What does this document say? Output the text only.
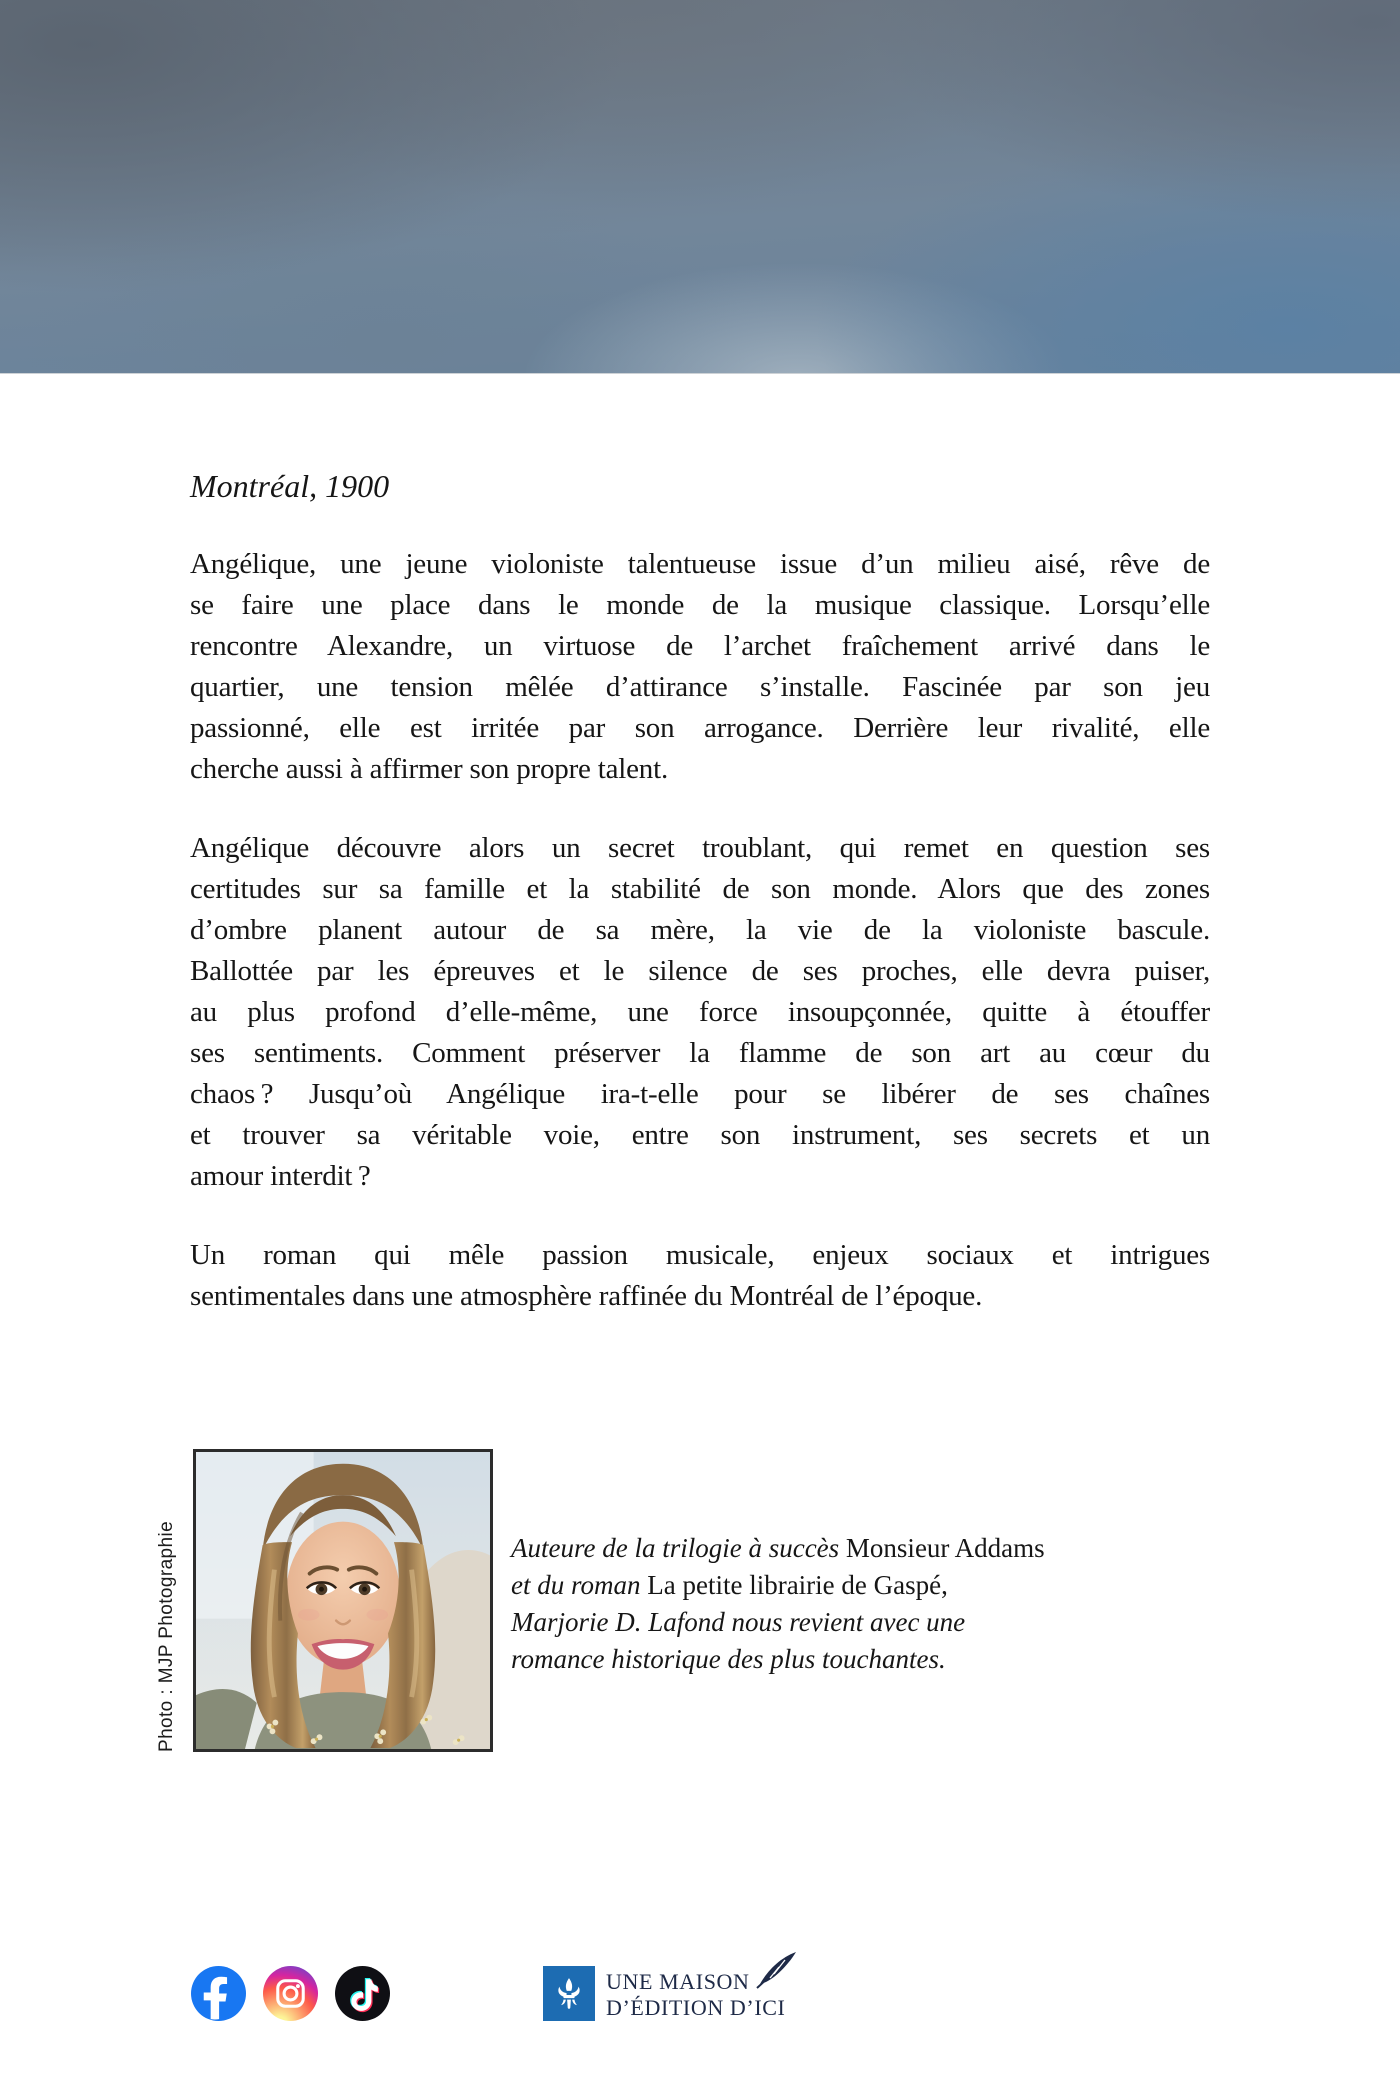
Montréal, 1900
Angélique, une jeune violoniste talentueuse issue d’un milieu aisé, rêve de
se faire une place dans le monde de la musique classique. Lorsqu’elle
rencontre Alexandre, un virtuose de l’archet fraîchement arrivé dans le
quartier, une tension mêlée d’attirance s’installe. Fascinée par son jeu
passionné, elle est irritée par son arrogance. Derrière leur rivalité, elle
cherche aussi à affirmer son propre talent.
Angélique découvre alors un secret troublant, qui remet en question ses
certitudes sur sa famille et la stabilité de son monde. Alors que des zones
d’ombre planent autour de sa mère, la vie de la violoniste bascule.
Ballottée par les épreuves et le silence de ses proches, elle devra puiser,
au plus profond d’elle-même, une force insoupçonnée, quitte à étouffer
ses sentiments. Comment préserver la flamme de son art au cœur du
chaos ? Jusqu’où Angélique ira-t-elle pour se libérer de ses chaînes
et trouver sa véritable voie, entre son instrument, ses secrets et un
amour interdit ?
Un roman qui mêle passion musicale, enjeux sociaux et intrigues
sentimentales dans une atmosphère raffinée du Montréal de l’époque.
Photo : MJP Photographie	Auteure de la trilogie à succès Monsieur Addams
et du roman La petite librairie de Gaspé,
Marjorie D. Lafond nous revient avec une
romance historique des plus touchantes.
UNE MAISON
D’ÉDITION D’ICI
